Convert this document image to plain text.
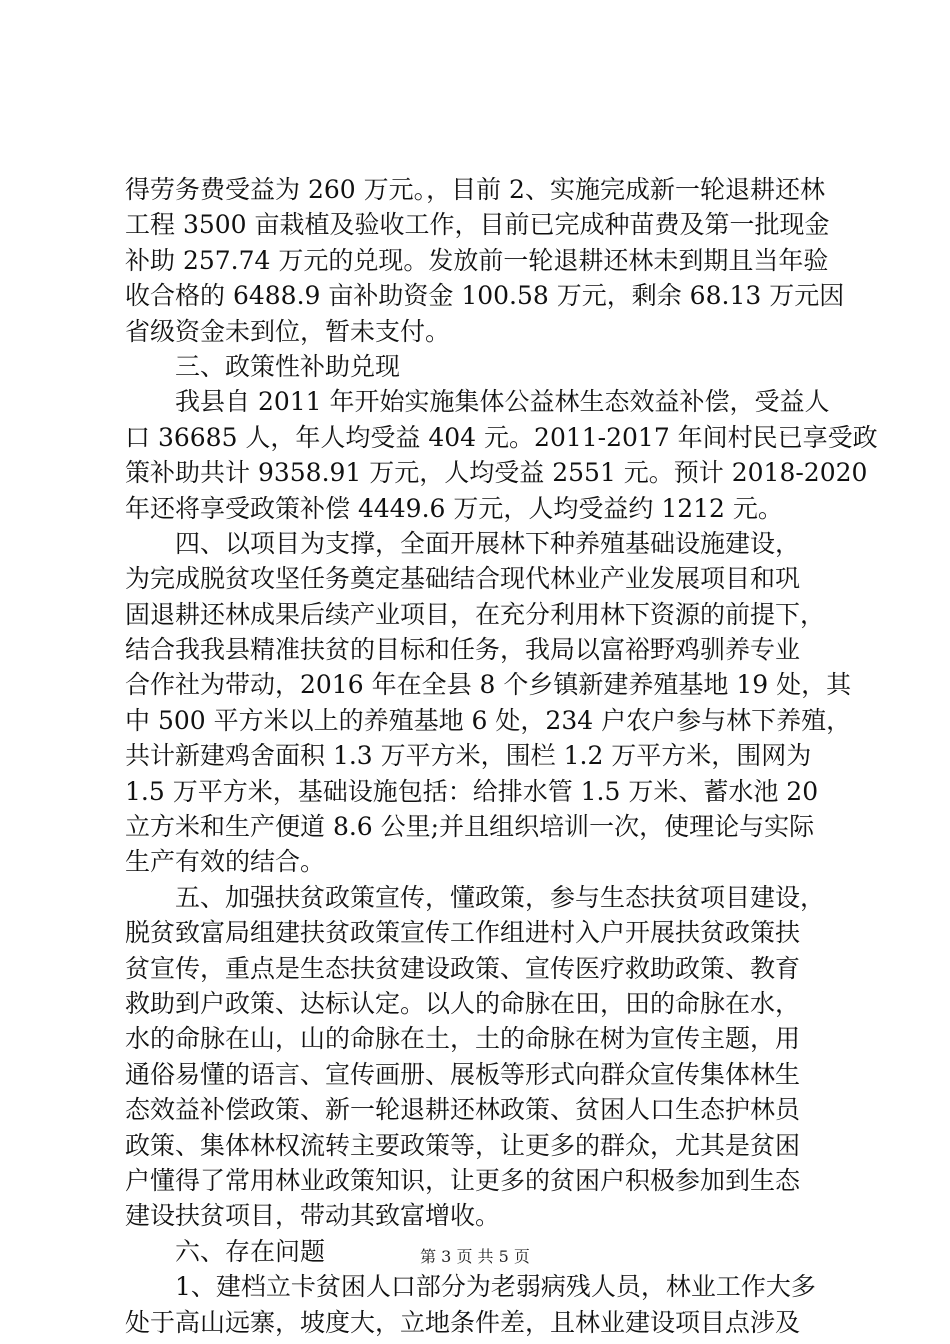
得劳务费受益为 260 万元。，目前 2、实施完成新一轮退耕还林
工程 3500 亩栽植及验收工作，目前已完成种苗费及第一批现金
补助 257.74 万元的兑现。发放前一轮退耕还林未到期且当年验
收合格的 6488.9 亩补助资金 100.58 万元，剩余 68.13 万元因
省级资金未到位，暂未支付。
　　三、政策性补助兑现
　　我县自 2011 年开始实施集体公益林生态效益补偿，受益人
口 36685 人，年人均受益 404 元。2011-2017 年间村民已享受政
策补助共计 9358.91 万元，人均受益 2551 元。预计 2018-2020
年还将享受政策补偿 4449.6 万元，人均受益约 1212 元。
　　四、以项目为支撑，全面开展林下种养殖基础设施建设，
为完成脱贫攻坚任务奠定基础结合现代林业产业发展项目和巩
固退耕还林成果后续产业项目，在充分利用林下资源的前提下，
结合我我县精准扶贫的目标和任务，我局以富裕野鸡驯养专业
合作社为带动，2016 年在全县 8 个乡镇新建养殖基地 19 处，其
中 500 平方米以上的养殖基地 6 处，234 户农户参与林下养殖，
共计新建鸡舍面积 1.3 万平方米，围栏 1.2 万平方米，围网为
1.5 万平方米，基础设施包括：给排水管 1.5 万米、蓄水池 20
立方米和生产便道 8.6 公里;并且组织培训一次，使理论与实际
生产有效的结合。
　　五、加强扶贫政策宣传，懂政策，参与生态扶贫项目建设，
脱贫致富局组建扶贫政策宣传工作组进村入户开展扶贫政策扶
贫宣传，重点是生态扶贫建设政策、宣传医疗救助政策、教育
救助到户政策、达标认定。以人的命脉在田，田的命脉在水，
水的命脉在山，山的命脉在土，土的命脉在树为宣传主题，用
通俗易懂的语言、宣传画册、展板等形式向群众宣传集体林生
态效益补偿政策、新一轮退耕还林政策、贫困人口生态护林员
政策、集体林权流转主要政策等，让更多的群众，尤其是贫困
户懂得了常用林业政策知识，让更多的贫困户积极参加到生态
建设扶贫项目，带动其致富增收。
　　六、存在问题
　　1、建档立卡贫困人口部分为老弱病残人员，林业工作大多
处于高山远寨，坡度大，立地条件差，且林业建设项目点涉及
第 3 页 共 5 页
